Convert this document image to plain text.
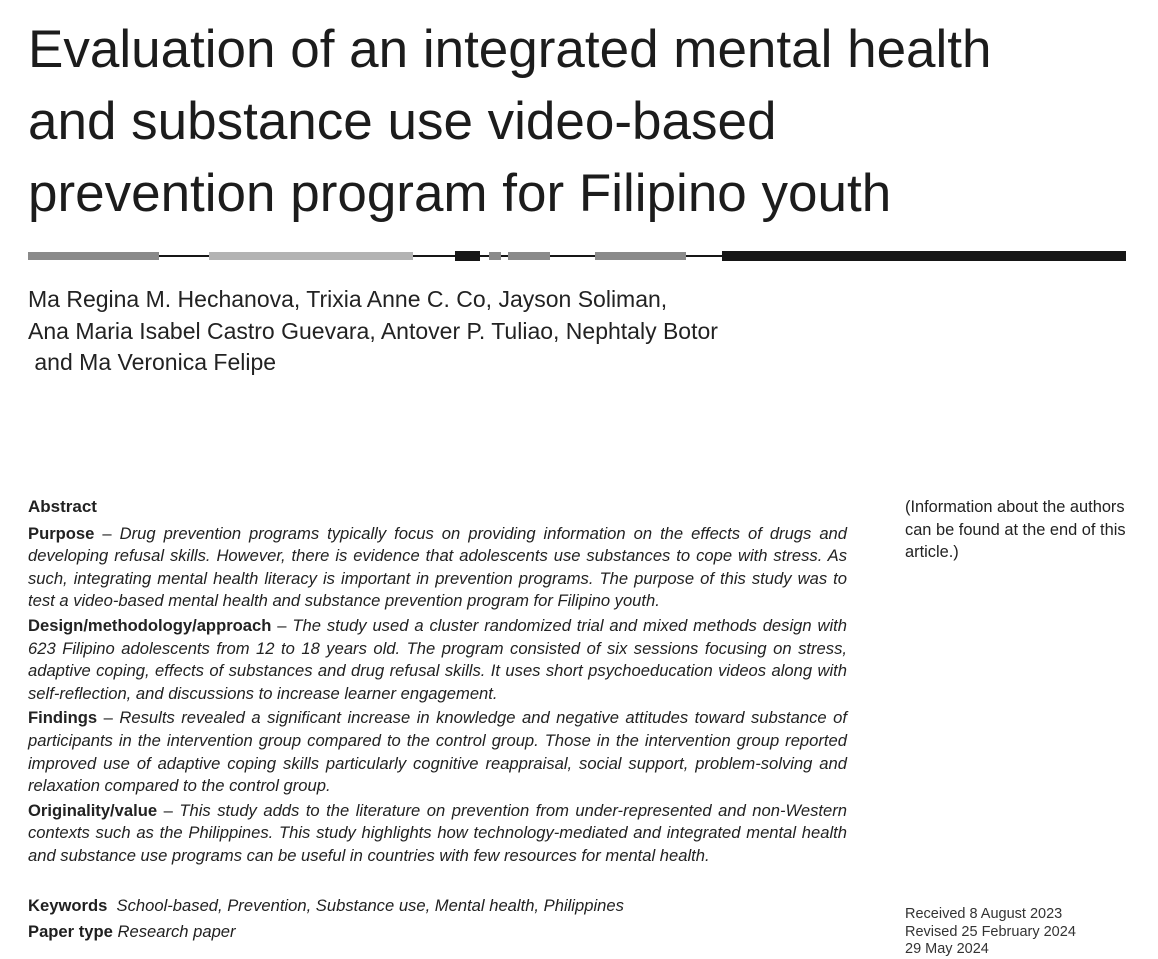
Evaluation of an integrated mental health
and substance use video-based
prevention program for Filipino youth
Ma Regina M. Hechanova, Trixia Anne C. Co, Jayson Soliman,
Ana Maria Isabel Castro Guevara, Antover P. Tuliao, Nephtaly Botor
and Ma Veronica Felipe
Abstract

Purpose – Drug prevention programs typically focus on providing information on the effects of drugs and developing refusal skills. However, there is evidence that adolescents use substances to cope with stress. As such, integrating mental health literacy is important in prevention programs. The purpose of this study was to test a video-based mental health and substance prevention program for Filipino youth.

Design/methodology/approach – The study used a cluster randomized trial and mixed methods design with 623 Filipino adolescents from 12 to 18 years old. The program consisted of six sessions focusing on stress, adaptive coping, effects of substances and drug refusal skills. It uses short psychoeducation videos along with self-reflection, and discussions to increase learner engagement.

Findings – Results revealed a significant increase in knowledge and negative attitudes toward substance of participants in the intervention group compared to the control group. Those in the intervention group reported improved use of adaptive coping skills particularly cognitive reappraisal, social support, problem-solving and relaxation compared to the control group.

Originality/value – This study adds to the literature on prevention from under-represented and non-Western contexts such as the Philippines. This study highlights how technology-mediated and integrated mental health and substance use programs can be useful in countries with few resources for mental health.

Keywords School-based, Prevention, Substance use, Mental health, Philippines
Paper type Research paper
(Information about the authors can be found at the end of this article.)
Received 8 August 2023
Revised 25 February 2024
29 May 2024
